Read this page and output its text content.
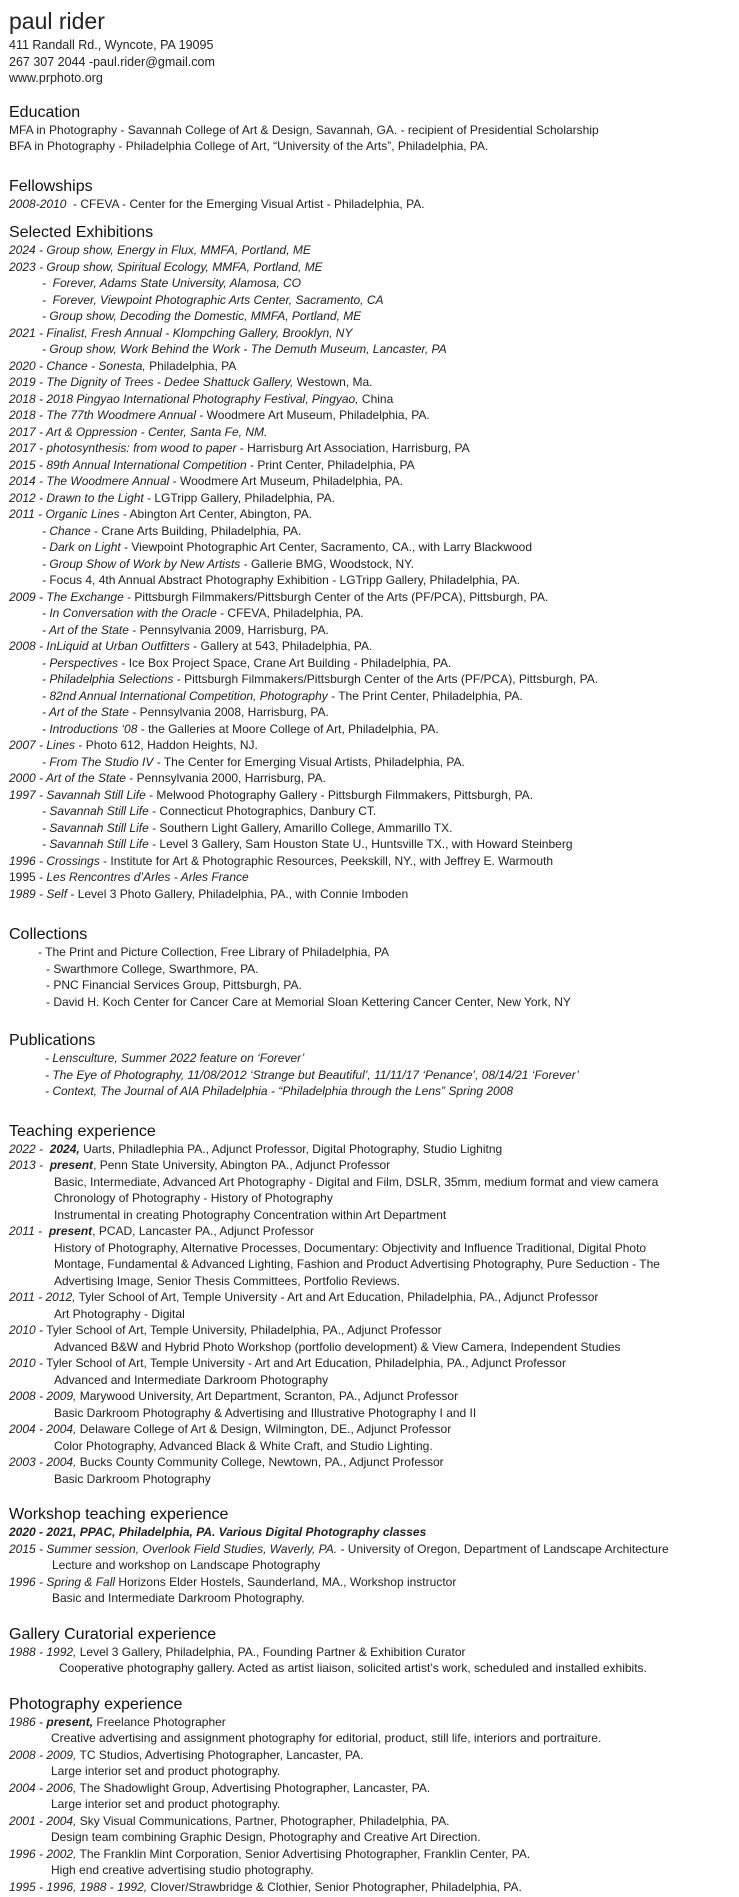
paul rider
411 Randall Rd., Wyncote, PA 19095
267 307 2044 -paul.rider@gmail.com
www.prphoto.org
Education
MFA in Photography - Savannah College of Art & Design, Savannah, GA. - recipient of Presidential Scholarship
BFA in Photography - Philadelphia College of Art, “University of the Arts”, Philadelphia, PA.
Fellowships
2008-2010  - CFEVA - Center for the Emerging Visual Artist - Philadelphia, PA.
Selected Exhibitions
2024 - Group show, Energy in Flux, MMFA, Portland, ME
2023 - Group show, Spiritual Ecology, MMFA, Portland, ME
-  Forever, Adams State University, Alamosa, CO
-  Forever, Viewpoint Photographic Arts Center, Sacramento, CA
- Group show, Decoding the Domestic, MMFA, Portland, ME
2021 - Finalist, Fresh Annual - Klompching Gallery, Brooklyn, NY
- Group show, Work Behind the Work - The Demuth Museum, Lancaster, PA
2020 - Chance - Sonesta, Philadelphia, PA
2019 - The Dignity of Trees - Dedee Shattuck Gallery, Westown, Ma.
2018 - 2018 Pingyao International Photography Festival, Pingyao, China
2018 - The 77th Woodmere Annual - Woodmere Art Museum, Philadelphia, PA.
2017 - Art & Oppression - Center, Santa Fe, NM.
2017 - photosynthesis: from wood to paper - Harrisburg Art Association, Harrisburg, PA
2015 - 89th Annual International Competition - Print Center, Philadelphia, PA
2014 - The Woodmere Annual - Woodmere Art Museum, Philadelphia, PA.
2012 - Drawn to the Light - LGTripp Gallery, Philadelphia, PA.
2011 - Organic Lines - Abington Art Center, Abington, PA.
- Chance - Crane Arts Building, Philadelphia, PA.
- Dark on Light - Viewpoint Photographic Art Center, Sacramento, CA., with Larry Blackwood
- Group Show of Work by New Artists - Gallerie BMG, Woodstock, NY.
- Focus 4, 4th Annual Abstract Photography Exhibition - LGTripp Gallery, Philadelphia, PA.
2009 - The Exchange - Pittsburgh Filmmakers/Pittsburgh Center of the Arts (PF/PCA), Pittsburgh, PA.
- In Conversation with the Oracle - CFEVA, Philadelphia, PA.
- Art of the State - Pennsylvania 2009, Harrisburg, PA.
2008 - InLiquid at Urban Outfitters - Gallery at 543, Philadelphia, PA.
- Perspectives - Ice Box Project Space, Crane Art Building - Philadelphia, PA.
- Philadelphia Selections - Pittsburgh Filmmakers/Pittsburgh Center of the Arts (PF/PCA), Pittsburgh, PA.
- 82nd Annual International Competition, Photography - The Print Center, Philadelphia, PA.
- Art of the State - Pennsylvania 2008, Harrisburg, PA.
- Introductions ‘08 - the Galleries at Moore College of Art, Philadelphia, PA.
2007 - Lines - Photo 612, Haddon Heights, NJ.
- From The Studio IV - The Center for Emerging Visual Artists, Philadelphia, PA.
2000 - Art of the State - Pennsylvania 2000, Harrisburg, PA.
1997 - Savannah Still Life - Melwood Photography Gallery - Pittsburgh Filmmakers, Pittsburgh, PA.
- Savannah Still Life - Connecticut Photographics, Danbury CT.
- Savannah Still Life - Southern Light Gallery, Amarillo College, Ammarillo TX.
- Savannah Still Life - Level 3 Gallery, Sam Houston State U., Huntsville TX., with Howard Steinberg
1996 - Crossings - Institute for Art & Photographic Resources, Peekskill, NY., with Jeffrey E. Warmouth
1995 - Les Rencontres d’Arles - Arles France
1989 - Self - Level 3 Photo Gallery, Philadelphia, PA., with Connie Imboden
Collections
- The Print and Picture Collection, Free Library of Philadelphia, PA
- Swarthmore College, Swarthmore, PA.
- PNC Financial Services Group, Pittsburgh, PA.
- David H. Koch Center for Cancer Care at Memorial Sloan Kettering Cancer Center, New York, NY
Publications
- Lensculture, Summer 2022 feature on ‘Forever’
- The Eye of Photography, 11/08/2012 ‘Strange but Beautiful’, 11/11/17 ‘Penance’, 08/14/21 ‘Forever’
- Context, The Journal of AIA Philadelphia - “Philadelphia through the Lens” Spring 2008
Teaching experience
2022 -  2024, Uarts, Philadlephia PA., Adjunct Professor, Digital Photography, Studio Lighitng
2013 -  present, Penn State University, Abington PA., Adjunct Professor
Basic, Intermediate, Advanced Art Photography - Digital and Film, DSLR, 35mm, medium format and view camera
Chronology of Photography - History of Photography
Instrumental in creating Photography Concentration within Art Department
2011 -  present, PCAD, Lancaster PA., Adjunct Professor
History of Photography, Alternative Processes, Documentary: Objectivity and Influence Traditional, Digital Photo
Montage, Fundamental & Advanced Lighting, Fashion and Product Advertising Photography, Pure Seduction - The
Advertising Image, Senior Thesis Committees, Portfolio Reviews.
2011 - 2012, Tyler School of Art, Temple University - Art and Art Education, Philadelphia, PA., Adjunct Professor
Art Photography - Digital
2010 - Tyler School of Art, Temple University, Philadelphia, PA., Adjunct Professor
Advanced B&W and Hybrid Photo Workshop (portfolio development) & View Camera, Independent Studies
2010 - Tyler School of Art, Temple University - Art and Art Education, Philadelphia, PA., Adjunct Professor
Advanced and Intermediate Darkroom Photography
2008 - 2009, Marywood University, Art Department, Scranton, PA., Adjunct Professor
Basic Darkroom Photography & Advertising and Illustrative Photography I and II
2004 - 2004, Delaware College of Art & Design, Wilmington, DE., Adjunct Professor
Color Photography, Advanced Black & White Craft, and Studio Lighting.
2003 - 2004, Bucks County Community College, Newtown, PA., Adjunct Professor
Basic Darkroom Photography
Workshop teaching experience
2020 - 2021, PPAC, Philadelphia, PA. Various Digital Photography classes
2015 - Summer session, Overlook Field Studies, Waverly, PA. - University of Oregon, Department of Landscape Architecture
Lecture and workshop on Landscape Photography
1996 - Spring & Fall Horizons Elder Hostels, Saunderland, MA., Workshop instructor
Basic and Intermediate Darkroom Photography.
Gallery Curatorial experience
1988 - 1992, Level 3 Gallery, Philadelphia, PA., Founding Partner & Exhibition Curator
Cooperative photography gallery. Acted as artist liaison, solicited artist’s work, scheduled and installed exhibits.
Photography experience
1986 - present, Freelance Photographer
Creative advertising and assignment photography for editorial, product, still life, interiors and portraiture.
2008 - 2009, TC Studios, Advertising Photographer, Lancaster, PA.
Large interior set and product photography.
2004 - 2006, The Shadowlight Group, Advertising Photographer, Lancaster, PA.
Large interior set and product photography.
2001 - 2004, Sky Visual Communications, Partner, Photographer, Philadelphia, PA.
Design team combining Graphic Design, Photography and Creative Art Direction.
1996 - 2002, The Franklin Mint Corporation, Senior Advertising Photographer, Franklin Center, PA.
High end creative advertising studio photography.
1995 - 1996, 1988 - 1992, Clover/Strawbridge & Clothier, Senior Photographer, Philadelphia, PA.
